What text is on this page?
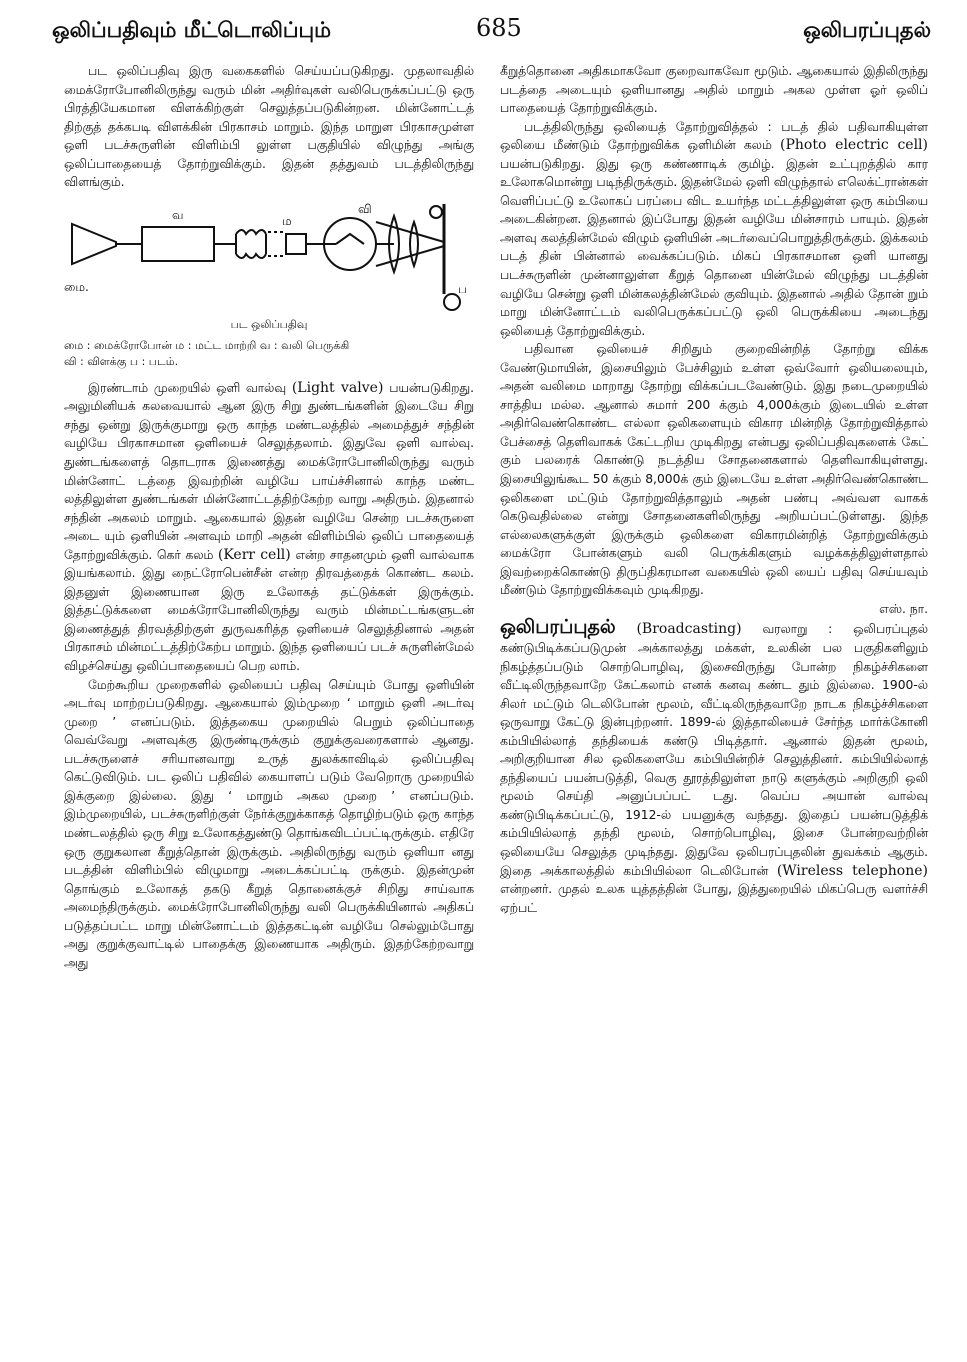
ஒலிப்பதிவும் மீட்டொலிப்பும்	685	ஒலிபரப்புதல்

பட ஒலிப்பதிவு இரு வகைகளில் செய்யப்படுகிறது. முதலாவதில் மைக்ரோபோனிலிருந்து வரும் மின் அதிர்வுகள் வலிபெருக்கப்பட்டு ஒரு பிரத்தியேகமான விளக்கிற்குள் செலுத்தப்படுகின்றன. மின்னோட்டத் திற்குத் தக்கபடி விளக்கின் பிரகாசம் மாறும். இந்த மாறுள பிரகாசமுள்ள ஒளி படச்சுருளின் விளிம்பி லுள்ள பகுதியில் விழுந்து அங்கு ஒலிப்பாதையைத் தோற்றுவிக்கும். இதன் தத்துவம் படத்திலிருந்து விளங்கும்.

வ	ம
வி
மை.	ப
பட ஒலிப்பதிவு
மை : மைக்ரோபோன் ம : மட்ட மாற்றி வ : வலி பெருக்கி
வி : விளக்கு ப : படம்.

இரண்டாம் முறையில் ஒளி வால்வு (Light valve) பயன்படுகிறது. அலுமினியக் கலவையால் ஆன இரு சிறு துண்டங்களின் இடையே சிறு சந்து ஒன்று இருக்குமாறு ஒரு காந்த மண்டலத்தில் அமைத்துச் சந்தின் வழியே பிரகாசமான ஒளியைச் செலுத்தலாம். இதுவே ஒளி வால்வு. துண்டங்களைத் தொடராக இணைத்து மைக்ரோபோனிலிருந்து வரும் மின்னோட் டத்தை இவற்றின் வழியே பாய்ச்சினால் காந்த மண்ட லத்திலுள்ள துண்டங்கள் மின்னோட்டத்திற்கேற்ற வாறு அதிரும். இதனால் சந்தின் அகலம் மாறும். ஆகையால் இதன் வழியே சென்ற படச்சுருளை அடை யும் ஒளியின் அளவும் மாறி அதன் விளிம்பில் ஒலிப் பாதையைத் தோற்றுவிக்கும். கெர் கலம் (Kerr cell) என்ற சாதனமும் ஒளி வால்வாக இயங்கலாம். இது நைட்ரோபென்சீன் என்ற திரவத்தைக் கொண்ட கலம். இதனுள் இணையான இரு உலோகத் தட்டுக்கள் இருக்கும். இத்தட்டுக்களை மைக்ரோபோனிலிருந்து வரும் மின்மட்டங்களுடன் இணைத்துத் திரவத்திற்குள் துருவகரித்த ஒளியைச் செலுத்தினால் அதன் பிரகாசம் மின்மட்டத்திற்கேற்ப மாறும். இந்த ஒளியைப் படச் சுருளின்மேல் விழச்செய்து ஒலிப்பாதையைப் பெற லாம்.

மேற்கூறிய முறைகளில் ஒலியைப் பதிவு செய்யும் போது ஒளியின் அடர்வு மாற்றப்படுகிறது. ஆகையால் இம்முறை ‘ மாறும் ஒளி அடர்வு முறை ’ எனப்படும். இத்தகைய முறையில் பெறும் ஒலிப்பாதை வெவ்வேறு அளவுக்கு இருண்டிருக்கும் குறுக்குவரைகளால் ஆனது. படச்சுருளைச் சரியானவாறு உருத் துலக்காவிடில் ஒலிப்பதிவு கெட்டுவிடும். பட ஒலிப் பதிவில் கையாளப் படும் வேறொரு முறையில் இக்குறை இல்லை. இது ‘ மாறும் அகல முறை ’ எனப்படும். இம்முறையில், படச்சுருளிற்குள் நேர்க்குறுக்காகத் தொழிற்படும் ஒரு காந்த மண்டலத்தில் ஒரு சிறு உலோகத்துண்டு தொங்கவிடப்பட்டிருக்கும். எதிரே ஒரு குறுகலான கீறுத்தொன் இருக்கும். அதிலிருந்து வரும் ஒளியா னது படத்தின் விளிம்பில் விழுமாறு அடைக்கப்பட்டி ருக்கும். இதன்முன் தொங்கும் உலோகத் தகடு கீறுத் தொனைக்குச் சிறிது சாய்வாக அமைந்திருக்கும். மைக்ரோபோனிலிருந்து வலி பெருக்கியினால் அதிகப் படுத்தப்பட்ட மாறு மின்னோட்டம் இத்தகட்டின் வழியே செல்லும்போது அது குறுக்குவாட்டில் பாதைக்கு இணையாக அதிரும். இதற்கேற்றவாறு அது

கீறுத்தொனை அதிகமாகவோ குறைவாகவோ மூடும். ஆகையால் இதிலிருந்து படத்தை அடையும் ஒளியானது அதில் மாறும் அகல முள்ள ஓர் ஒலிப் பாதையைத் தோற்றுவிக்கும்.

படத்திலிருந்து ஒலியைத் தோற்றுவித்தல் : படத் தில் பதிவாகியுள்ள ஒலியை மீண்டும் தோற்றுவிக்க ஒளிமின் கலம் (Photo electric cell) பயன்படுகிறது. இது ஒரு கண்ணாடிக் குமிழ். இதன் உட்புறத்தில் கார உலோகமொன்று படிந்திருக்கும். இதன்மேல் ஒளி விழுந்தால் எலெக்ட்ரான்கள் வெளிப்பட்டு உலோகப் பரப்பை விட உயர்ந்த மட்டத்திலுள்ள ஒரு கம்பியை அடைகின்றன. இதனால் இப்போது இதன் வழியே மின்சாரம் பாயும். இதன் அளவு கலத்தின்மேல் விழும் ஒளியின் அடர்வைப்பொறுத்திருக்கும். இக்கலம் படத் தின் பின்னால் வைக்கப்படும். மிகப் பிரகாசமான ஒளி யானது படச்சுருளின் முன்னாலுள்ள கீறுத் தொனை யின்மேல் விழுந்து படத்தின் வழியே சென்று ஒளி மின்கலத்தின்மேல் குவியும். இதனால் அதில் தோன் றும் மாறு மின்னோட்டம் வலிபெருக்கப்பட்டு ஒலி பெருக்கியை அடைந்து ஒலியைத் தோற்றுவிக்கும்.

பதிவான ஒலியைச் சிறிதும் குறைவின்றித் தோற்று விக்க வேண்டுமாயின், இசையிலும் பேச்சிலும் உள்ள ஒவ்வோர் ஒலியலையும், அதன் வலிமை மாறாது தோற்று விக்கப்படவேண்டும். இது நடைமுறையில் சாத்திய மல்ல. ஆனால் சுமார் 200 க்கும் 4,000க்கும் இடையில் உள்ள அதிர்வெண்கொண்ட எல்லா ஒலிகளையும் விகார மின்றித் தோற்றுவித்தால் பேச்சைத் தெளிவாகக் கேட்டறிய முடிகிறது என்பது ஒலிப்பதிவுகளைக் கேட் கும் பலரைக் கொண்டு நடத்திய சோதனைகளால் தெளிவாகியுள்ளது. இசையிலுங்கூட 50 க்கும் 8,000க் கும் இடையே உள்ள அதிர்வெண்கொண்ட ஒலிகளை மட்டும் தோற்றுவித்தாலும் அதன் பண்பு அவ்வள வாகக் கெடுவதில்லை என்று சோதனைகளிலிருந்து அறியப்பட்டுள்ளது. இந்த எல்லைகளுக்குள் இருக்கும் ஒலிகளை விகாரமின்றித் தோற்றுவிக்கும் மைக்ரோ போன்களும் வலி பெருக்கிகளும் வழக்கத்திலுள்ளதால் இவற்றைக்கொண்டு திருப்திகரமான வகையில் ஒலி யைப் பதிவு செய்யவும் மீண்டும் தோற்றுவிக்கவும் முடிகிறது.

எஸ். நா.

ஒலிபரப்புதல் (Broadcasting) வரலாறு : ஒலிபரப்புதல் கண்டுபிடிக்கப்படுமுன் அக்காலத்து மக்கள், உலகின் பல பகுதிகளிலும் நிகழ்த்தப்படும் சொற்பொழிவு, இசைவிருந்து போன்ற நிகழ்ச்சிகளை வீட்டிலிருந்தவாறே கேட்கலாம் எனக் கனவு கண்ட தும் இல்லை. 1900-ல் சிலர் மட்டும் டெலிபோன் மூலம், வீட்டிலிருந்தவாறே நாடக நிகழ்ச்சிகளை ஒருவாறு கேட்டு இன்புற்றனர். 1899-ல் இத்தாலியைச் சேர்ந்த மார்க்கோனி கம்பியில்லாத் தந்தியைக் கண்டு பிடித்தார். ஆனால் இதன் மூலம், அறிகுறியான சில ஒலிகளையே கம்பியின்றிச் செலுத்தினர். கம்பியில்லாத் தந்தியைப் பயன்படுத்தி, வெகு தூரத்திலுள்ள நாடு களுக்கும் அறிகுறி ஒலி மூலம் செய்தி அனுப்பப்பட் டது. வெப்ப அயான் வால்வு கண்டுபிடிக்கப்பட்டு, 1912-ல் பயனுக்கு வந்தது. இதைப் பயன்படுத்திக் கம்பியில்லாத் தந்தி மூலம், சொற்பொழிவு, இசை போன்றவற்றின் ஒலியையே செலுத்த முடிந்தது. இதுவே ஒலிபரப்புதலின் துவக்கம் ஆகும். இதை அக்காலத்தில் கம்பியில்லா டெலிபோன் (Wireless telephone) என்றனர். முதல் உலக யுத்தத்தின் போது, இத்துறையில் மிகப்பெரு வளர்ச்சி ஏற்பட்
